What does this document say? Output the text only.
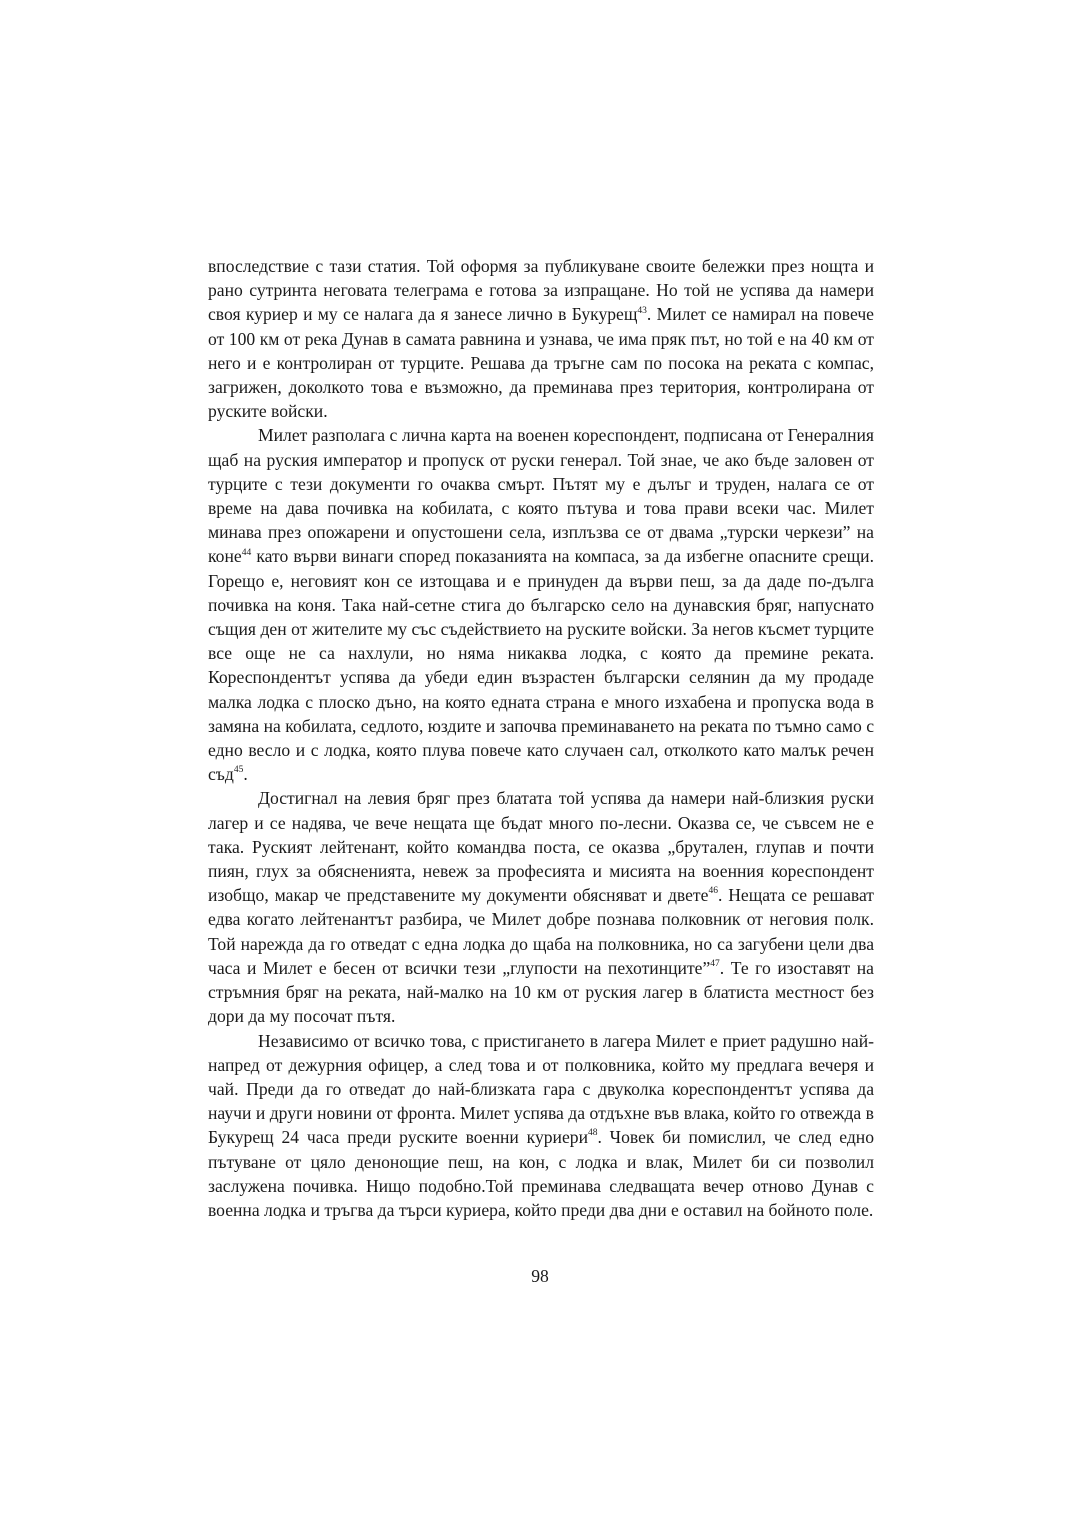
впоследствие с тази статия. Той оформя за публикуване своите бележки през нощта и рано сутринта неговата телеграма е готова за изпращане. Но той не успява да намери своя куриер и му се налага да я занесе лично в Букурещ$^{43}$. Милет се намирал на повече от 100 км от река Дунав в самата равнина и узнава, че има пряк път, но той е на 40 км от него и е контролиран от турците. Решава да тръгне сам по посока на реката с компас, загрижен, доколкото това е възможно, да преминава през територия, контролирана от руските войски.

Милет разполага с лична карта на военен кореспондент, подписана от Генералния щаб на руския император и пропуск от руски генерал. Той знае, че ако бъде заловен от турците с тези документи го очаква смърт. Пътят му е дълъг и труден, налага се от време на дава почивка на кобилата, с която пътува и това прави всеки час. Милет минава през опожарени и опустошени села, изплъзва се от двама „турски черкези” на коне$^{44}$ като върви винаги според показанията на компаса, за да избегне опасните срещи. Горещо е, неговият кон се изтощава и е принуден да върви пеш, за да даде по-дълга почивка на коня. Така най-сетне стига до българско село на дунавския бряг, напуснато същия ден от жителите му със съдействието на руските войски. За негов късмет турците все още не са нахлули, но няма никаква лодка, с която да премине реката. Кореспондентът успява да убеди един възрастен български селянин да му продаде малка лодка с плоско дъно, на която едната страна е много изхабена и пропуска вода в замяна на кобилата, седлото, юздите и започва преминаването на реката по тъмно само с едно весло и с лодка, която плува повече като случаен сал, отколкото като малък речен съд$^{45}$.

Достигнал на левия бряг през блатата той успява да намери най-близкия руски лагер и се надява, че вече нещата ще бъдат много по-лесни. Оказва се, че съвсем не е така. Руският лейтенант, който командва поста, се оказва „брутален, глупав и почти пиян, глух за обясненията, невеж за професията и мисията на военния кореспондент изобщо, макар че представените му документи обясняват и двете$^{46}$. Нещата се решават едва когато лейтенантът разбира, че Милет добре познава полковник от неговия полк. Той нарежда да го отведат с една лодка до щаба на полковника, но са загубени цели два часа и Милет е бесен от всички тези „глупости на пехотинците”$^{47}$. Те го изоставят на стръмния бряг на реката, най-малко на 10 км от руския лагер в блатиста местност без дори да му посочат пътя.

Независимо от всичко това, с пристигането в лагера Милет е приет радушно най-напред от дежурния офицер, а след това и от полковника, който му предлага вечеря и чай. Преди да го отведат до най-близката гара с двуколка кореспондентът успява да научи и други новини от фронта. Милет успява да отдъхне във влака, който го отвежда в Букурещ 24 часа преди руските военни куриери$^{48}$. Човек би помислил, че след едно пътуване от цяло денонощие пеш, на кон, с лодка и влак, Милет би си позволил заслужена почивка. Нищо подобно.Той преминава следващата вечер отново Дунав с военна лодка и тръгва да търси куриера, който преди два дни е оставил на бойното поле.

98
